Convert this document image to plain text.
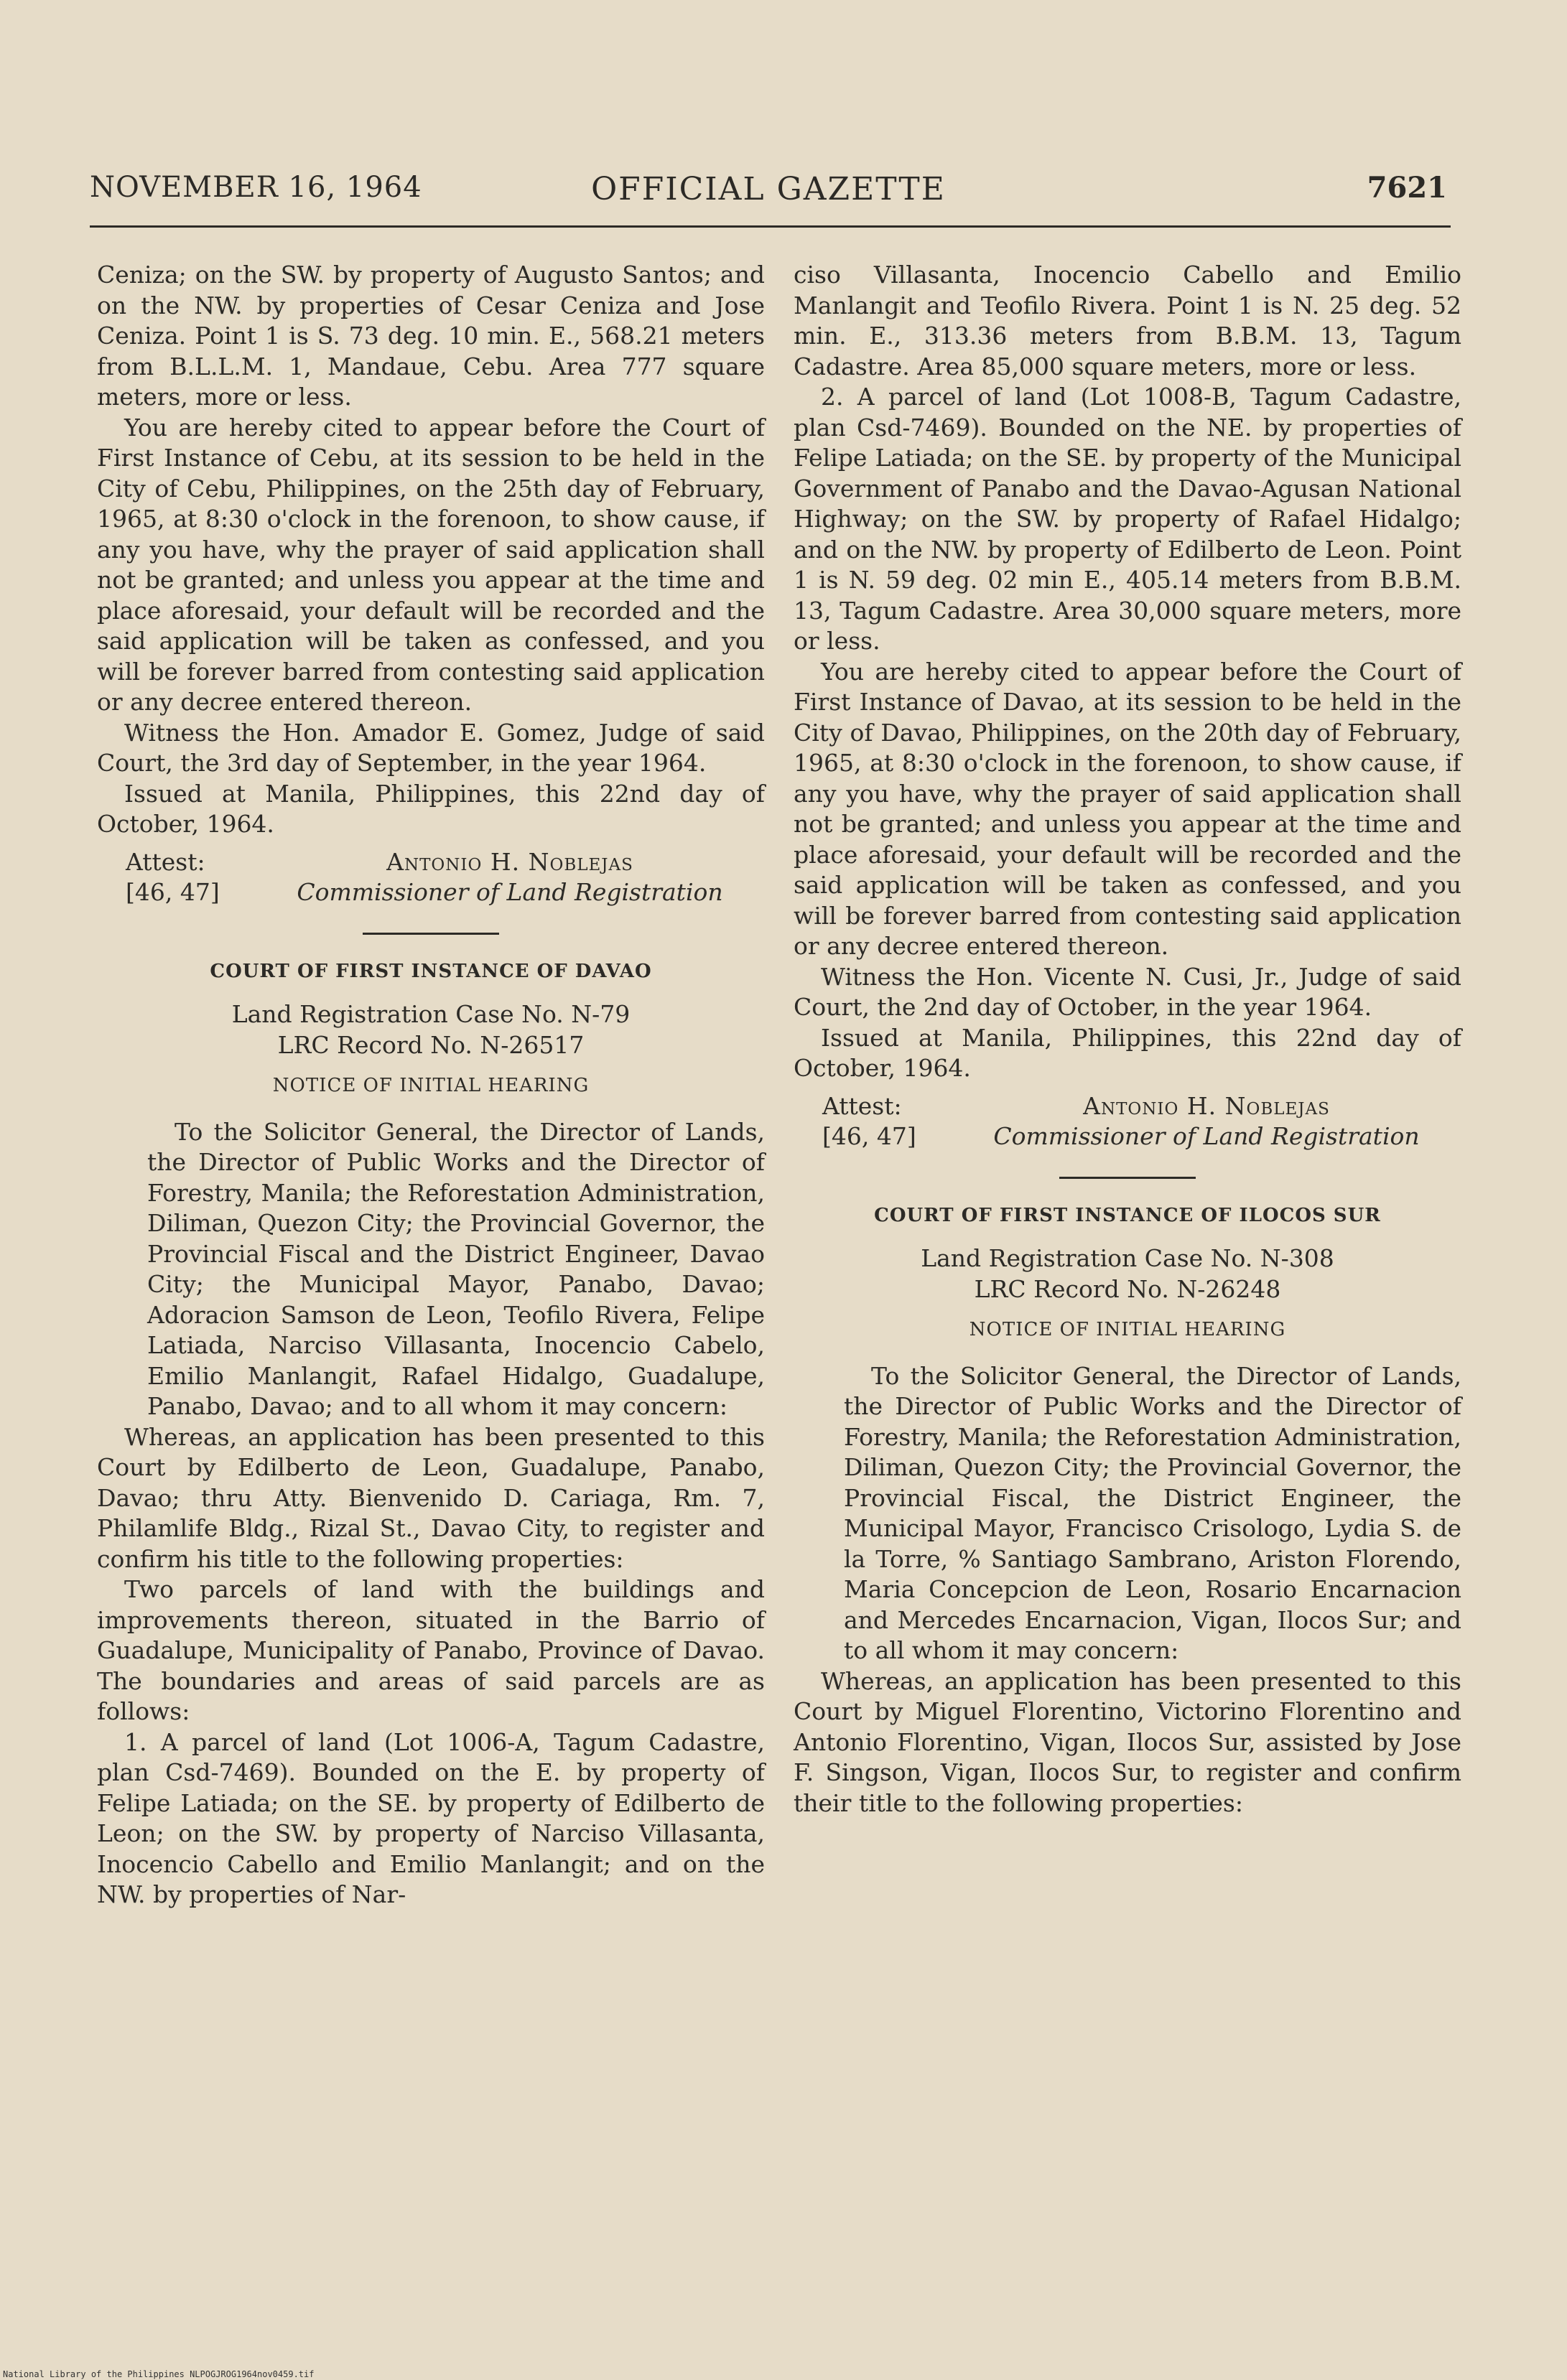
NOVEMBER 16, 1964	OFFICIAL GAZETTE	7621

Ceniza; on the SW. by property of Augusto Santos; and on the NW. by properties of Cesar Ceniza and Jose Ceniza. Point 1 is S. 73 deg. 10 min. E., 568.21 meters from B.L.L.M. 1, Mandaue, Cebu. Area 777 square meters, more or less.

You are hereby cited to appear before the Court of First Instance of Cebu, at its session to be held in the City of Cebu, Philippines, on the 25th day of February, 1965, at 8:30 o'clock in the forenoon, to show cause, if any you have, why the prayer of said application shall not be granted; and unless you appear at the time and place aforesaid, your default will be recorded and the said application will be taken as confessed, and you will be forever barred from contesting said application or any decree entered thereon.

Witness the Hon. Amador E. Gomez, Judge of said Court, the 3rd day of September, in the year 1964.

Issued at Manila, Philippines, this 22nd day of October, 1964.

Attest:
[46, 47]
Antonio H. Noblejas
Commissioner of Land Registration
COURT OF FIRST INSTANCE OF DAVAO
Land Registration Case No. N-79
LRC Record No. N-26517
NOTICE OF INITIAL HEARING

To the Solicitor General, the Director of Lands, the Director of Public Works and the Director of Forestry, Manila; the Reforestation Administration, Diliman, Quezon City; the Provincial Governor, the Provincial Fiscal and the District Engineer, Davao City; the Municipal Mayor, Panabo, Davao; Adoracion Samson de Leon, Teofilo Rivera, Felipe Latiada, Narciso Villasanta, Inocencio Cabelo, Emilio Manlangit, Rafael Hidalgo, Guadalupe, Panabo, Davao; and to all whom it may concern:

Whereas, an application has been presented to this Court by Edilberto de Leon, Guadalupe, Panabo, Davao; thru Atty. Bienvenido D. Cariaga, Rm. 7, Philamlife Bldg., Rizal St., Davao City, to register and confirm his title to the following properties:

Two parcels of land with the buildings and improvements thereon, situated in the Barrio of Guadalupe, Municipality of Panabo, Province of Davao. The boundaries and areas of said parcels are as follows:

1. A parcel of land (Lot 1006-A, Tagum Cadastre, plan Csd-7469). Bounded on the E. by property of Felipe Latiada; on the SE. by property of Edilberto de Leon; on the SW. by property of Narciso Villasanta, Inocencio Cabello and Emilio Manlangit; and on the NW. by properties of Nar-

ciso Villasanta, Inocencio Cabello and Emilio Manlangit and Teofilo Rivera. Point 1 is N. 25 deg. 52 min. E., 313.36 meters from B.B.M. 13, Tagum Cadastre. Area 85,000 square meters, more or less.

2. A parcel of land (Lot 1008-B, Tagum Cadastre, plan Csd-7469). Bounded on the NE. by properties of Felipe Latiada; on the SE. by property of the Municipal Government of Panabo and the Davao-Agusan National Highway; on the SW. by property of Rafael Hidalgo; and on the NW. by property of Edilberto de Leon. Point 1 is N. 59 deg. 02 min E., 405.14 meters from B.B.M. 13, Tagum Cadastre. Area 30,000 square meters, more or less.

You are hereby cited to appear before the Court of First Instance of Davao, at its session to be held in the City of Davao, Philippines, on the 20th day of February, 1965, at 8:30 o'clock in the forenoon, to show cause, if any you have, why the prayer of said application shall not be granted; and unless you appear at the time and place aforesaid, your default will be recorded and the said application will be taken as confessed, and you will be forever barred from contesting said application or any decree entered thereon.

Witness the Hon. Vicente N. Cusi, Jr., Judge of said Court, the 2nd day of October, in the year 1964.

Issued at Manila, Philippines, this 22nd day of October, 1964.

Attest:
[46, 47]
Antonio H. Noblejas
Commissioner of Land Registration
COURT OF FIRST INSTANCE OF ILOCOS SUR
Land Registration Case No. N-308
LRC Record No. N-26248
NOTICE OF INITIAL HEARING

To the Solicitor General, the Director of Lands, the Director of Public Works and the Director of Forestry, Manila; the Reforestation Administration, Diliman, Quezon City; the Provincial Governor, the Provincial Fiscal, the District Engineer, the Municipal Mayor, Francisco Crisologo, Lydia S. de la Torre, % Santiago Sambrano, Ariston Florendo, Maria Concepcion de Leon, Rosario Encarnacion and Mercedes Encarnacion, Vigan, Ilocos Sur; and to all whom it may concern:

Whereas, an application has been presented to this Court by Miguel Florentino, Victorino Florentino and Antonio Florentino, Vigan, Ilocos Sur, assisted by Jose F. Singson, Vigan, Ilocos Sur, to register and confirm their title to the following properties:

National Library of the Philippines NLPOGJROG1964nov0459.tif
